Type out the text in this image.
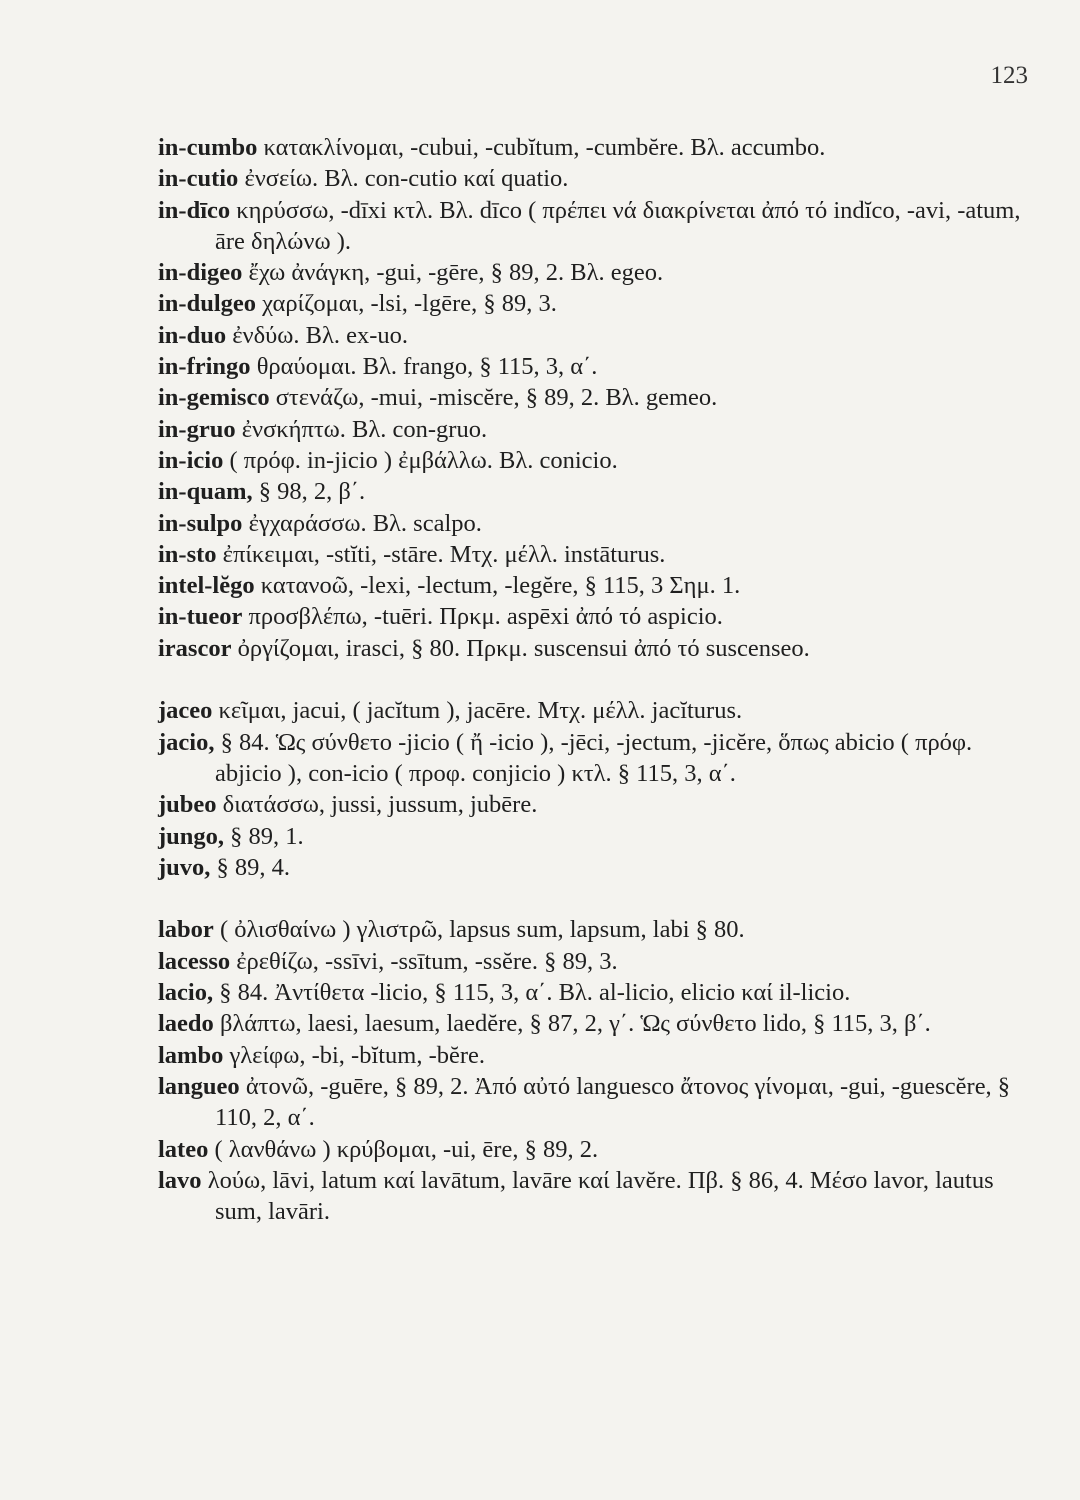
123

in-cumbo κατακλίνομαι, -cubui, -cubĭtum, -cumbĕre. Βλ. accumbo.

in-cutio ἐνσείω. Βλ. con-cutio καί quatio.

in-dīco κηρύσσω, -dīxi κτλ. Βλ. dīco ( πρέπει νά διακρίνεται ἀπό τό indĭco, -avi, -atum, āre δηλώνω ).

in-digeo ἔχω ἀνάγκη, -gui, -gēre, § 89, 2. Βλ. egeo.

in-dulgeo χαρίζομαι, -lsi, -lgēre, § 89, 3.

in-duo ἐνδύω. Βλ. ex-uo.

in-fringo θραύομαι. Βλ. frango, § 115, 3, α΄.

in-gemisco στενάζω, -mui, -miscĕre, § 89, 2. Βλ. gemeo.

in-gruo ἐνσκήπτω. Βλ. con-gruo.

in-icio ( πρόφ. in-jicio ) ἐμβάλλω. Βλ. conicio.

in-quam, § 98, 2, β΄.

in-sulpo ἐγχαράσσω. Βλ. scalpo.

in-sto ἐπίκειμαι, -stĭti, -stāre. Μτχ. μέλλ. instāturus.

intel-lĕgo κατανοῶ, -lexi, -lectum, -legĕre, § 115, 3 Σημ. 1.

in-tueor προσβλέπω, -tuēri. Πρκμ. aspēxi ἀπό τό aspicio.

irascor ὀργίζομαι, irasci, § 80. Πρκμ. suscensui ἀπό τό suscenseo.

jaceo κεῖμαι, jacui, ( jacĭtum ), jacēre. Μτχ. μέλλ. jacĭturus.

jacio, § 84. Ὡς σύνθετο -jicio ( ἤ -icio ), -jēci, -jectum, -jicĕre, ὅπως abicio ( πρόφ. abjicio ), con-icio ( προφ. conjicio ) κτλ. § 115, 3, α΄.

jubeo διατάσσω, jussi, jussum, jubēre.

jungo, § 89, 1.

juvo, § 89, 4.

labor ( ὀλισθαίνω ) γλιστρῶ, lapsus sum, lapsum, labi § 80.

lacesso ἐρεθίζω, -ssīvi, -ssītum, -ssĕre. § 89, 3.

lacio, § 84. Ἀντίθετα -licio, § 115, 3, α΄. Βλ. al-licio, elicio καί il-licio.

laedo βλάπτω, laesi, laesum, laedĕre, § 87, 2, γ΄. Ὡς σύνθετο lido, § 115, 3, β΄.

lambo γλείφω, -bi, -bĭtum, -bĕre.

langueo ἀτονῶ, -guēre, § 89, 2. Ἀπό αὐτό languesco ἄτονος γίνομαι, -gui, -guescĕre, § 110, 2, α΄.

lateo ( λανθάνω ) κρύβομαι, -ui, ēre, § 89, 2.

lavo λούω, lāvi, latum καί lavātum, lavāre καί lavĕre. Πβ. § 86, 4. Μέσο lavor, lautus sum, lavāri.
